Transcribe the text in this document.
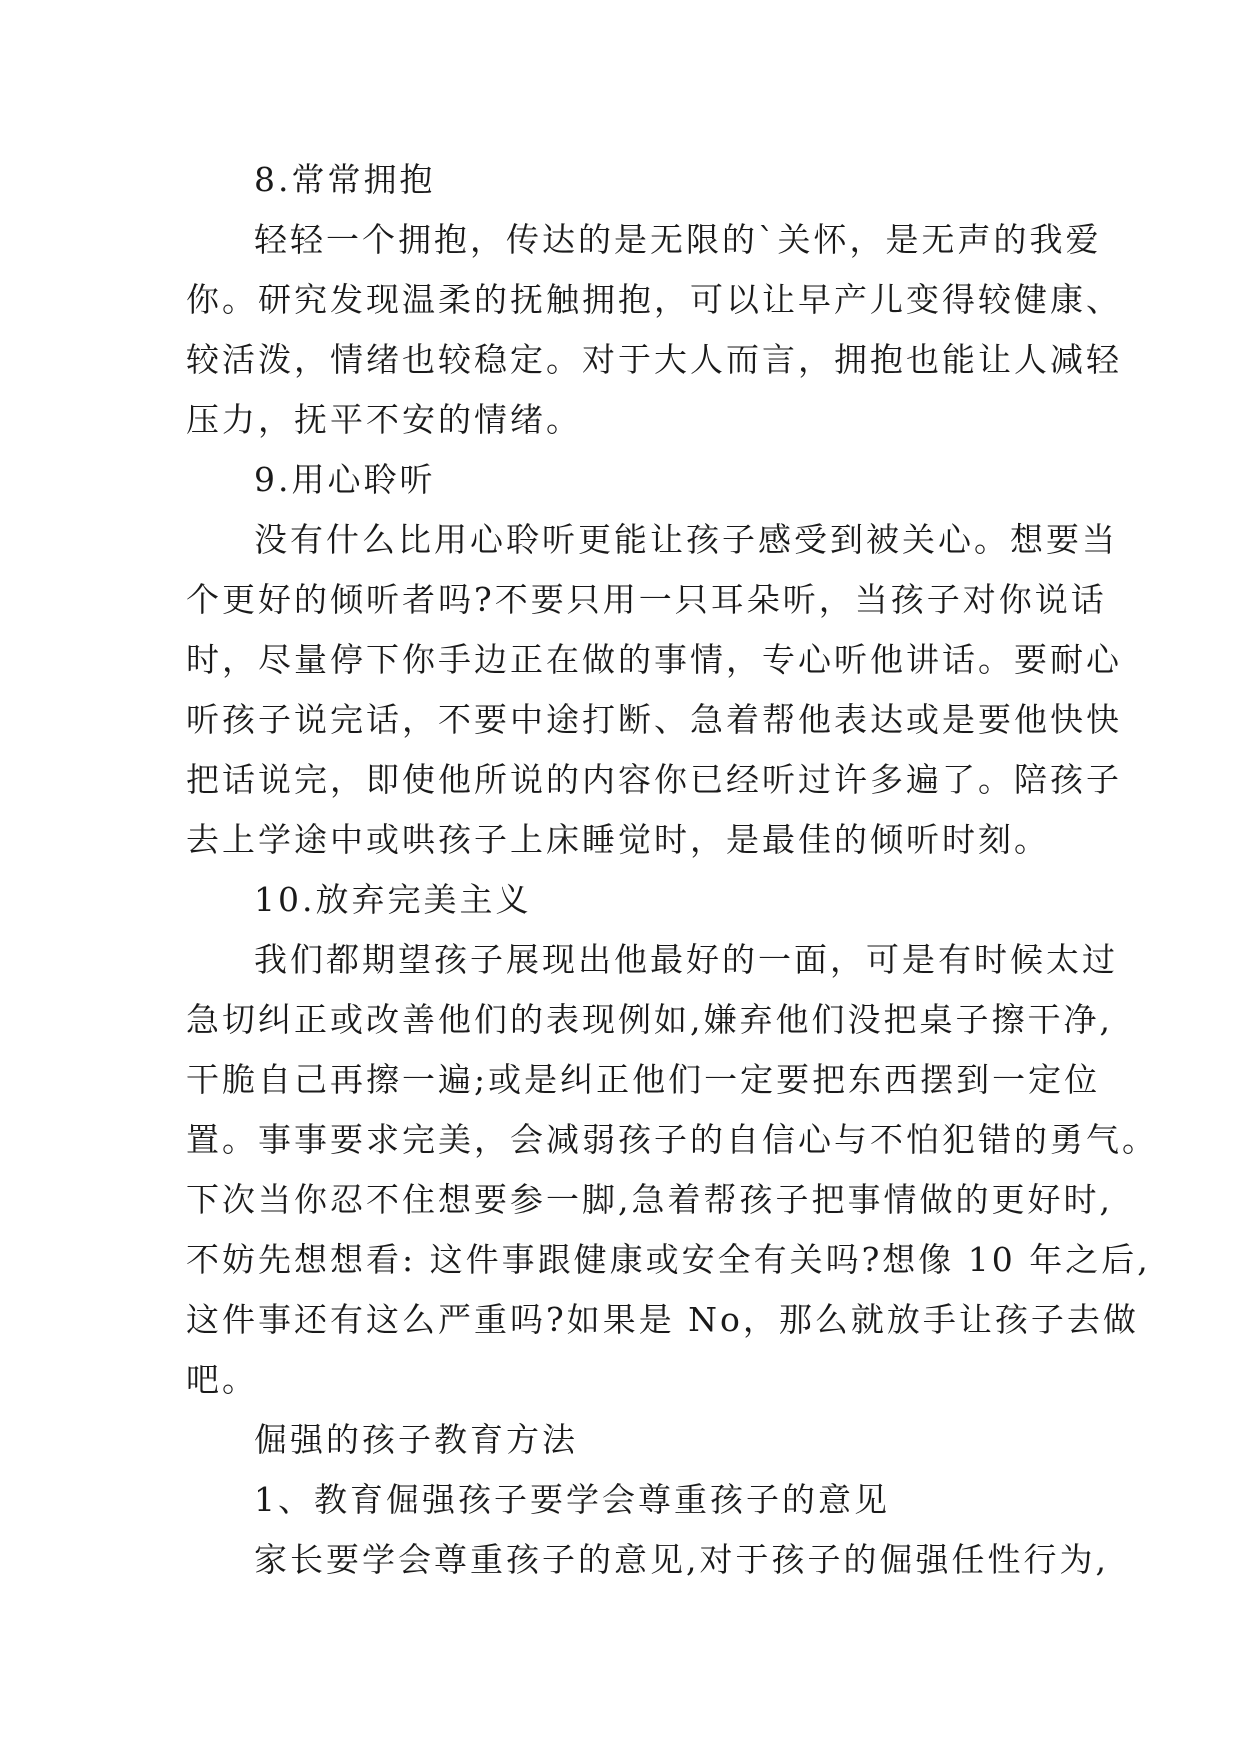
8.常常拥抱
轻轻一个拥抱，传达的是无限的`关怀，是无声的我爱
你。研究发现温柔的抚触拥抱，可以让早产儿变得较健康、
较活泼，情绪也较稳定。对于大人而言，拥抱也能让人减轻
压力，抚平不安的情绪。
9.用心聆听
没有什么比用心聆听更能让孩子感受到被关心。想要当
个更好的倾听者吗?不要只用一只耳朵听，当孩子对你说话
时，尽量停下你手边正在做的事情，专心听他讲话。要耐心
听孩子说完话，不要中途打断、急着帮他表达或是要他快快
把话说完，即使他所说的内容你已经听过许多遍了。陪孩子
去上学途中或哄孩子上床睡觉时，是最佳的倾听时刻。
10.放弃完美主义
我们都期望孩子展现出他最好的一面，可是有时候太过
急切纠正或改善他们的表现例如,嫌弃他们没把桌子擦干净,
干脆自己再擦一遍;或是纠正他们一定要把东西摆到一定位
置。事事要求完美，会减弱孩子的自信心与不怕犯错的勇气。
下次当你忍不住想要参一脚,急着帮孩子把事情做的更好时,
不妨先想想看: 这件事跟健康或安全有关吗?想像 10 年之后,
这件事还有这么严重吗?如果是 No，那么就放手让孩子去做
吧。
倔强的孩子教育方法
1、教育倔强孩子要学会尊重孩子的意见
家长要学会尊重孩子的意见,对于孩子的倔强任性行为,
